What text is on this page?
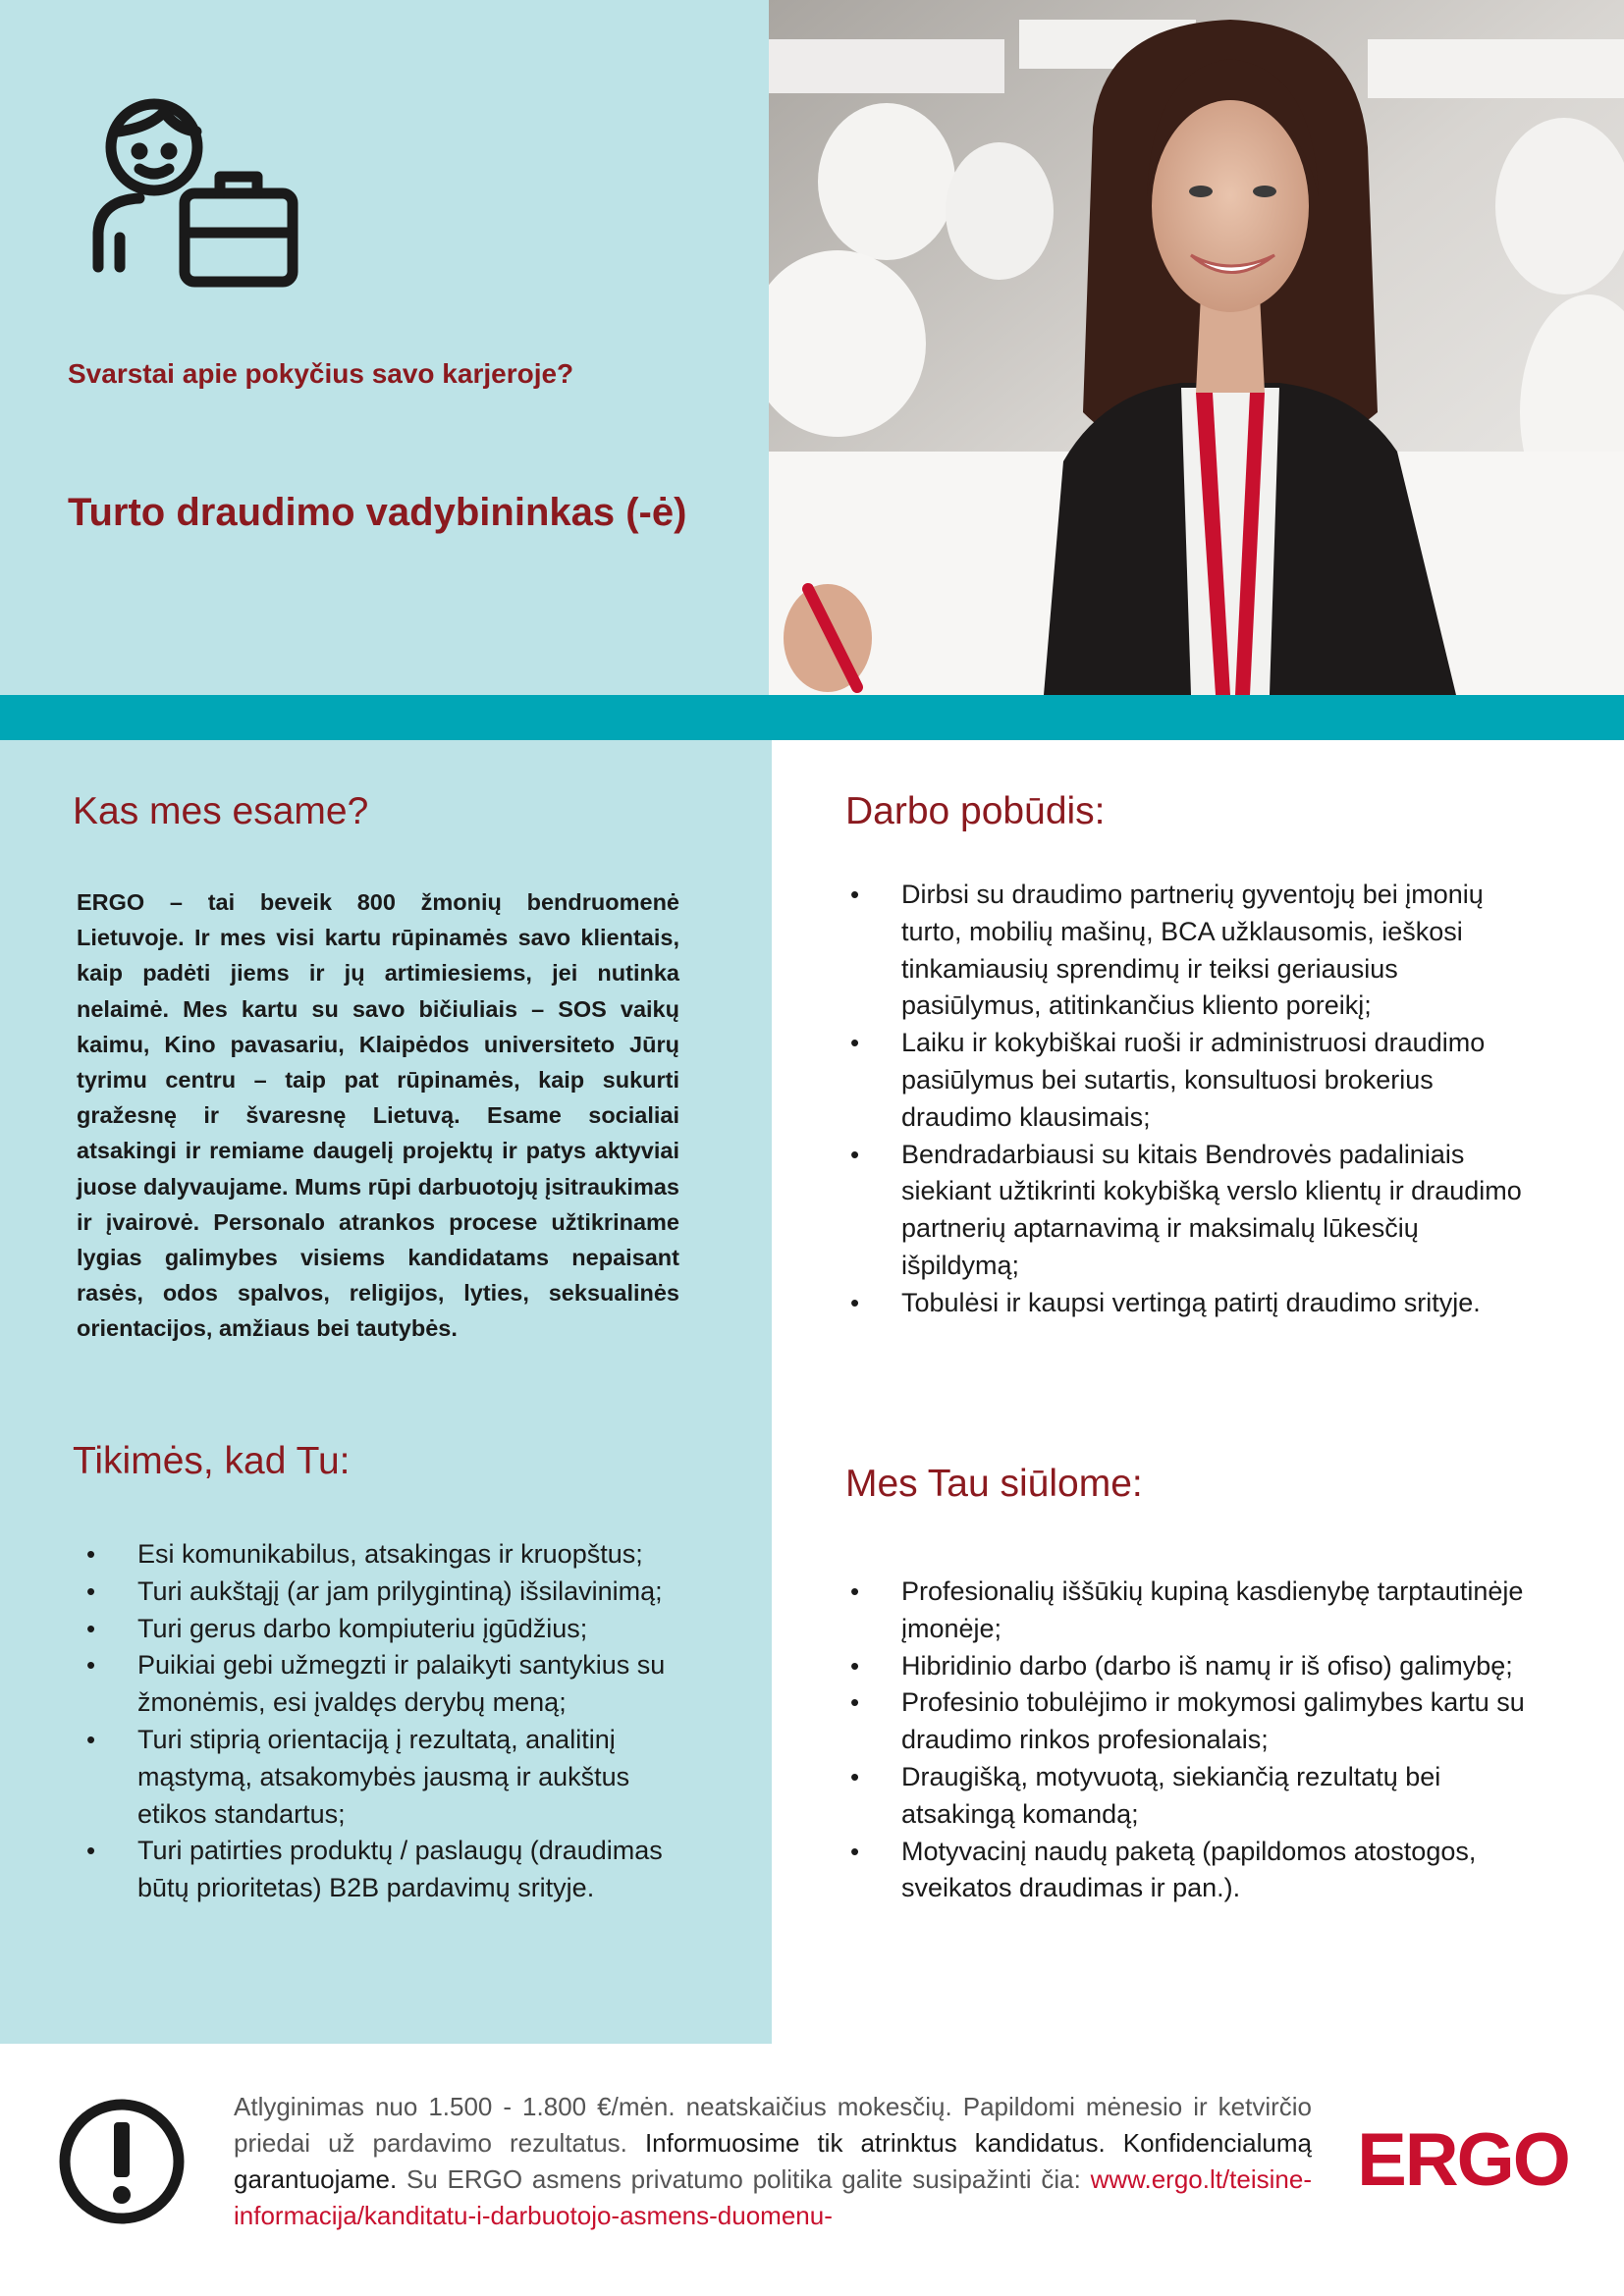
Svarstai apie pokyčius savo karjeroje?
Turto draudimo vadybininkas (-ė)
Kas mes esame?
ERGO – tai beveik 800 žmonių bendruomenė Lietuvoje. Ir mes visi kartu rūpinamės savo klientais, kaip padėti jiems ir jų artimiesiems, jei nutinka nelaimė. Mes kartu su savo bičiuliais – SOS vaikų kaimu, Kino pavasariu, Klaipėdos universiteto Jūrų tyrimu centru – taip pat rūpinamės, kaip sukurti gražesnę ir švaresnę Lietuvą. Esame socialiai atsakingi ir remiame daugelį projektų ir patys aktyviai juose dalyvaujame. Mums rūpi darbuotojų įsitraukimas ir įvairovė. Personalo atrankos procese užtikriname lygias galimybes visiems kandidatams nepaisant rasės, odos spalvos, religijos, lyties, seksualinės orientacijos, amžiaus bei tautybės.
Darbo pobūdis:
• Dirbsi su draudimo partnerių gyventojų bei įmonių turto, mobilių mašinų, BCA užklausomis, ieškosi tinkamiausių sprendimų ir teiksi geriausius pasiūlymus, atitinkančius kliento poreikį;
• Laiku ir kokybiškai ruoši ir administruosi draudimo pasiūlymus bei sutartis, konsultuosi brokerius draudimo klausimais;
• Bendradarbiausi su kitais Bendrovės padaliniais siekiant užtikrinti kokybišką verslo klientų ir draudimo partnerių aptarnavimą ir maksimalų lūkesčių išpildymą;
• Tobulėsi ir kaupsi vertingą patirtį draudimo srityje.
Tikimės, kad Tu:
• Esi komunikabilus, atsakingas ir kruopštus;
• Turi aukštąjį (ar jam prilygintiną) išsilavinimą;
• Turi gerus darbo kompiuteriu įgūdžius;
• Puikiai gebi užmegzti ir palaikyti santykius su žmonėmis, esi įvaldęs derybų meną;
• Turi stiprią orientaciją į rezultatą, analitinį mąstymą, atsakomybės jausmą ir aukštus etikos standartus;
• Turi patirties produktų / paslaugų (draudimas būtų prioritetas) B2B pardavimų srityje.
Mes Tau siūlome:
• Profesionalių iššūkių kupiną kasdienybę tarptautinėje įmonėje;
• Hibridinio darbo (darbo iš namų ir iš ofiso) galimybę;
• Profesinio tobulėjimo ir mokymosi galimybes kartu su draudimo rinkos profesionalais;
• Draugišką, motyvuotą, siekiančią rezultatų bei atsakingą komandą;
• Motyvacinį naudų paketą (papildomos atostogos, sveikatos draudimas ir pan.).
Atlyginimas nuo 1.500 - 1.800 €/mėn. neatskaičius mokesčių. Papildomi mėnesio ir ketvirčio priedai už pardavimo rezultatus. Informuosime tik atrinktus kandidatus. Konfidencialumą garantuojame. Su ERGO asmens privatumo politika galite susipažinti čia: www.ergo.lt/teisine-informacija/kanditatu-i-darbuotojo-asmens-duomenu-
ERGO
